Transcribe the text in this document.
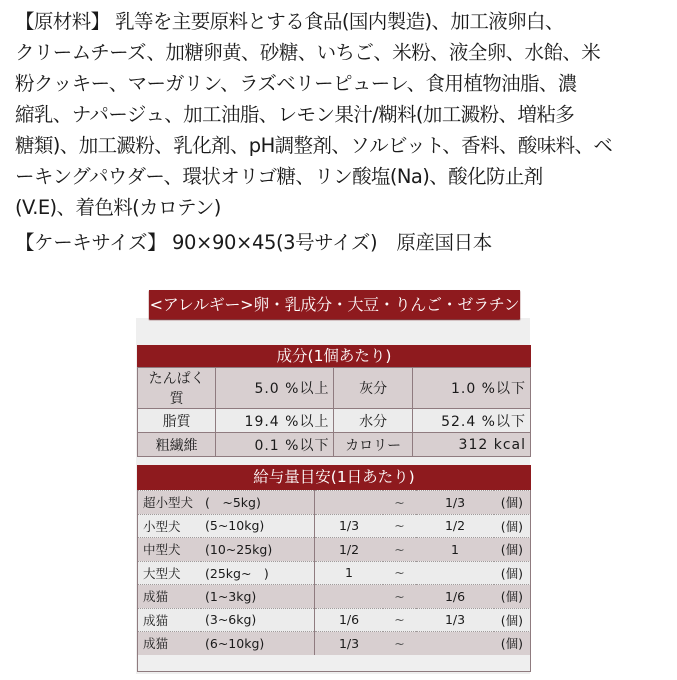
【原材料】 乳等を主要原料とする食品(国内製造)、加工液卵白、

クリームチーズ、加糖卵黄、砂糖、いちご、米粉、液全卵、水飴、米

粉クッキー、マーガリン、ラズベリーピューレ、食用植物油脂、濃

縮乳、ナパージュ、加工油脂、レモン果汁/糊料(加工澱粉、増粘多

糖類)、加工澱粉、乳化剤、pH調整剤、ソルビット、香料、酸味料、ベ

ーキングパウダー、環状オリゴ糖、リン酸塩(Na)、酸化防止剤

(V.E)、着色料(カロテン)

【ケーキサイズ】 90×90×45(3号サイズ)　原産国日本
<アレルギー>卵・乳成分・大豆・りんご・ゼラチン
成分(1個あたり)
たんぱく質	5.0 %以上	灰分	1.0 %以下
脂質	19.4 %以上	水分	52.4 %以下
粗繊維	0.1 %以下	カロリー	312 kcal
給与量目安(1日あたり)
超小型犬	(　~5kg)		~	1/3	(個)
小型犬	(5~10kg)	1/3	~	1/2	(個)
中型犬	(10~25kg)	1/2	~	1	(個)
大型犬	(25kg~　)	1	~		(個)
成猫	(1~3kg)		~	1/6	(個)
成猫	(3~6kg)	1/6	~	1/3	(個)
成猫	(6~10kg)	1/3	~		(個)
